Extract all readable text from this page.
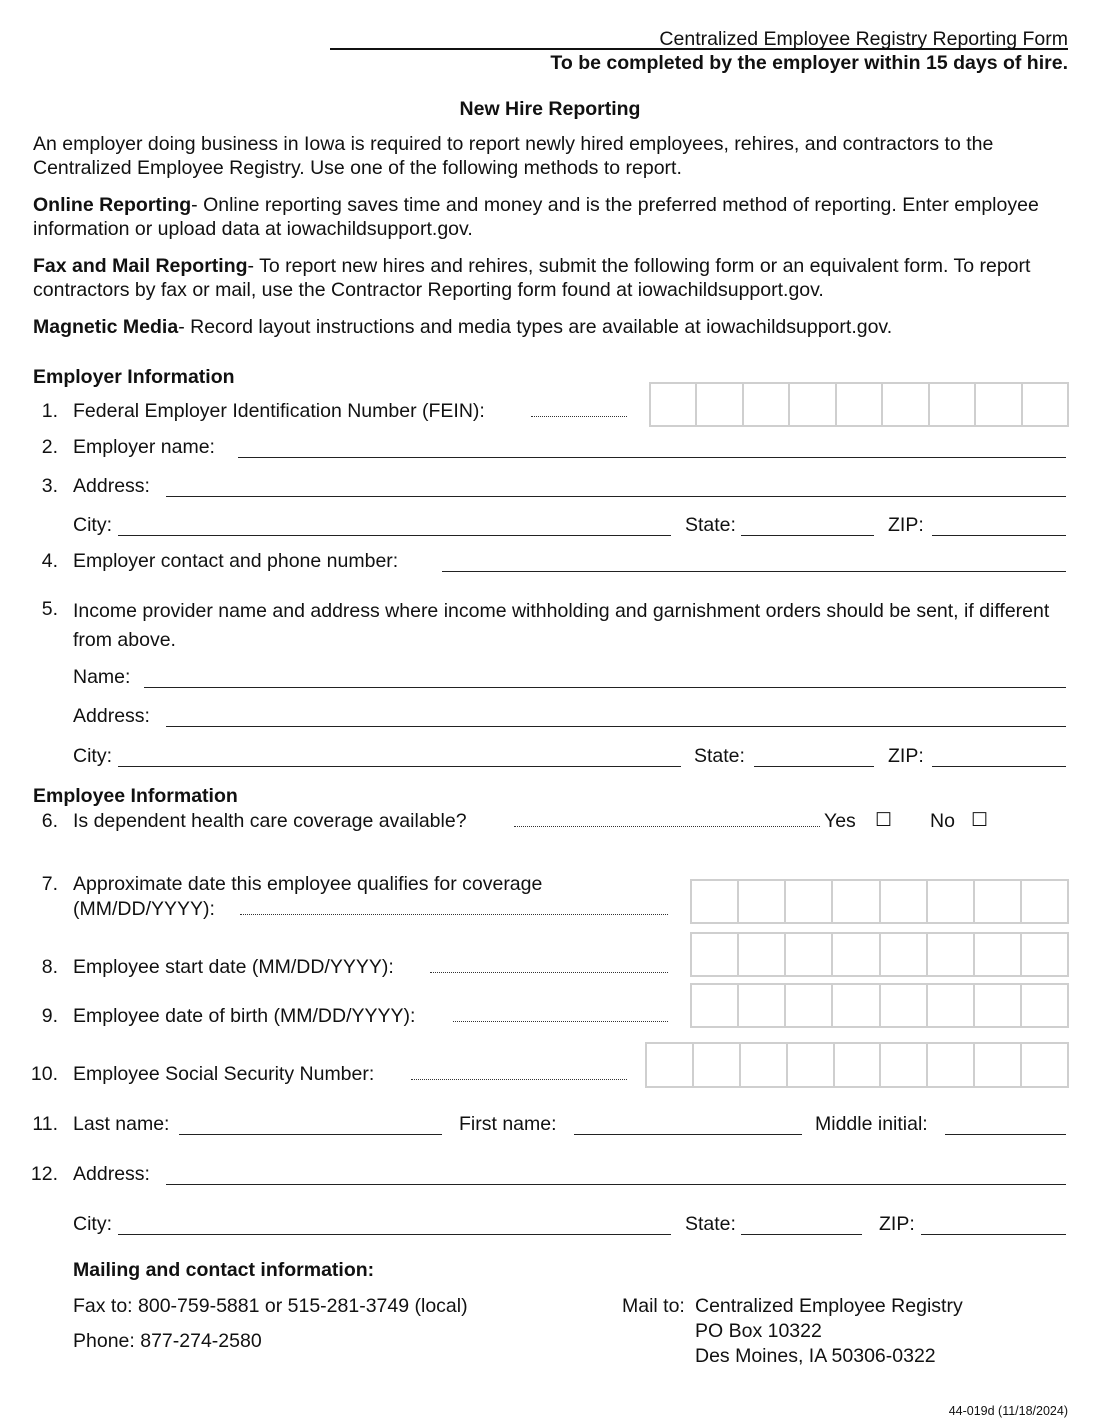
Centralized Employee Registry Reporting Form
To be completed by the employer within 15 days of hire.
New Hire Reporting
An employer doing business in Iowa is required to report newly hired employees, rehires, and contractors to the Centralized Employee Registry. Use one of the following methods to report.
Online Reporting- Online reporting saves time and money and is the preferred method of reporting. Enter employee information or upload data at iowachildsupport.gov.
Fax and Mail Reporting- To report new hires and rehires, submit the following form or an equivalent form. To report contractors by fax or mail, use the Contractor Reporting form found at iowachildsupport.gov.
Magnetic Media- Record layout instructions and media types are available at iowachildsupport.gov.
Employer Information
1. Federal Employer Identification Number (FEIN):
2. Employer name:
3. Address:
City:	State:	ZIP:
4. Employer contact and phone number:
5. Income provider name and address where income withholding and garnishment orders should be sent, if different from above.
Name:
Address:
City:	State:	ZIP:
Employee Information
6. Is dependent health care coverage available?	Yes ☐ No ☐
7. Approximate date this employee qualifies for coverage
(MM/DD/YYYY):
8. Employee start date (MM/DD/YYYY):
9. Employee date of birth (MM/DD/YYYY):
10. Employee Social Security Number:
11. Last name:	First name:	Middle initial:
12. Address:
City:	State:	ZIP:
Mailing and contact information:
Fax to: 800-759-5881 or 515-281-3749 (local)
Phone: 877-274-2580
Mail to: Centralized Employee Registry
PO Box 10322
Des Moines, IA 50306-0322
44-019d (11/18/2024)
